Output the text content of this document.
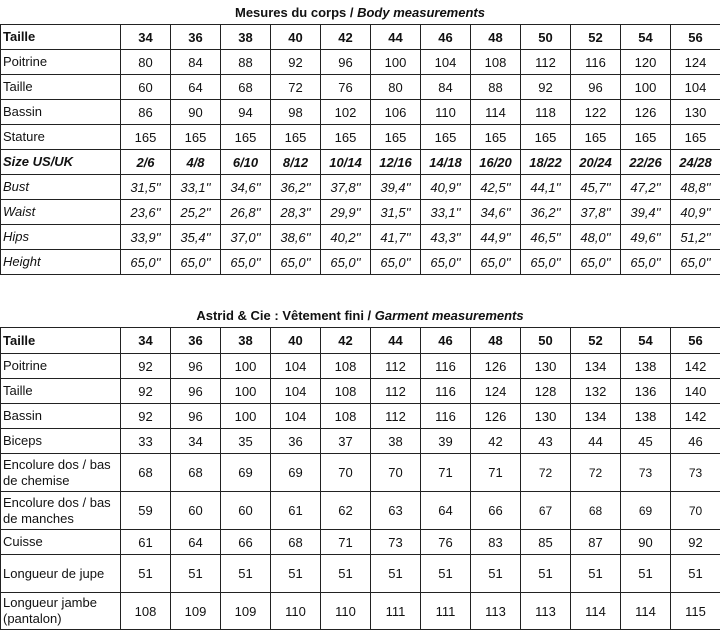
Mesures du corps / Body measurements
Taille	34	36	38	40	42	44	46	48	50	52	54	56
Poitrine	80	84	88	92	96	100	104	108	112	116	120	124
Taille	60	64	68	72	76	80	84	88	92	96	100	104
Bassin	86	90	94	98	102	106	110	114	118	122	126	130
Stature	165	165	165	165	165	165	165	165	165	165	165	165
Size US/UK	2/6	4/8	6/10	8/12	10/14	12/16	14/18	16/20	18/22	20/24	22/26	24/28
Bust	31,5''	33,1''	34,6''	36,2''	37,8''	39,4''	40,9''	42,5''	44,1''	45,7''	47,2''	48,8''
Waist	23,6''	25,2''	26,8''	28,3''	29,9''	31,5''	33,1''	34,6''	36,2''	37,8''	39,4''	40,9''
Hips	33,9''	35,4''	37,0''	38,6''	40,2''	41,7''	43,3''	44,9''	46,5''	48,0''	49,6''	51,2''
Height	65,0''	65,0''	65,0''	65,0''	65,0''	65,0''	65,0''	65,0''	65,0''	65,0''	65,0''	65,0''
Astrid & Cie : Vêtement fini / Garment measurements
Taille	34	36	38	40	42	44	46	48	50	52	54	56
Poitrine	92	96	100	104	108	112	116	126	130	134	138	142
Taille	92	96	100	104	108	112	116	124	128	132	136	140
Bassin	92	96	100	104	108	112	116	126	130	134	138	142
Biceps	33	34	35	36	37	38	39	42	43	44	45	46
Encolure dos / bas de chemise	68	68	69	69	70	70	71	71	72	72	73	73
Encolure dos / bas de manches	59	60	60	61	62	63	64	66	67	68	69	70
Cuisse	61	64	66	68	71	73	76	83	85	87	90	92
Longueur de jupe	51	51	51	51	51	51	51	51	51	51	51	51
Longueur jambe (pantalon)	108	109	109	110	110	111	111	113	113	114	114	115
